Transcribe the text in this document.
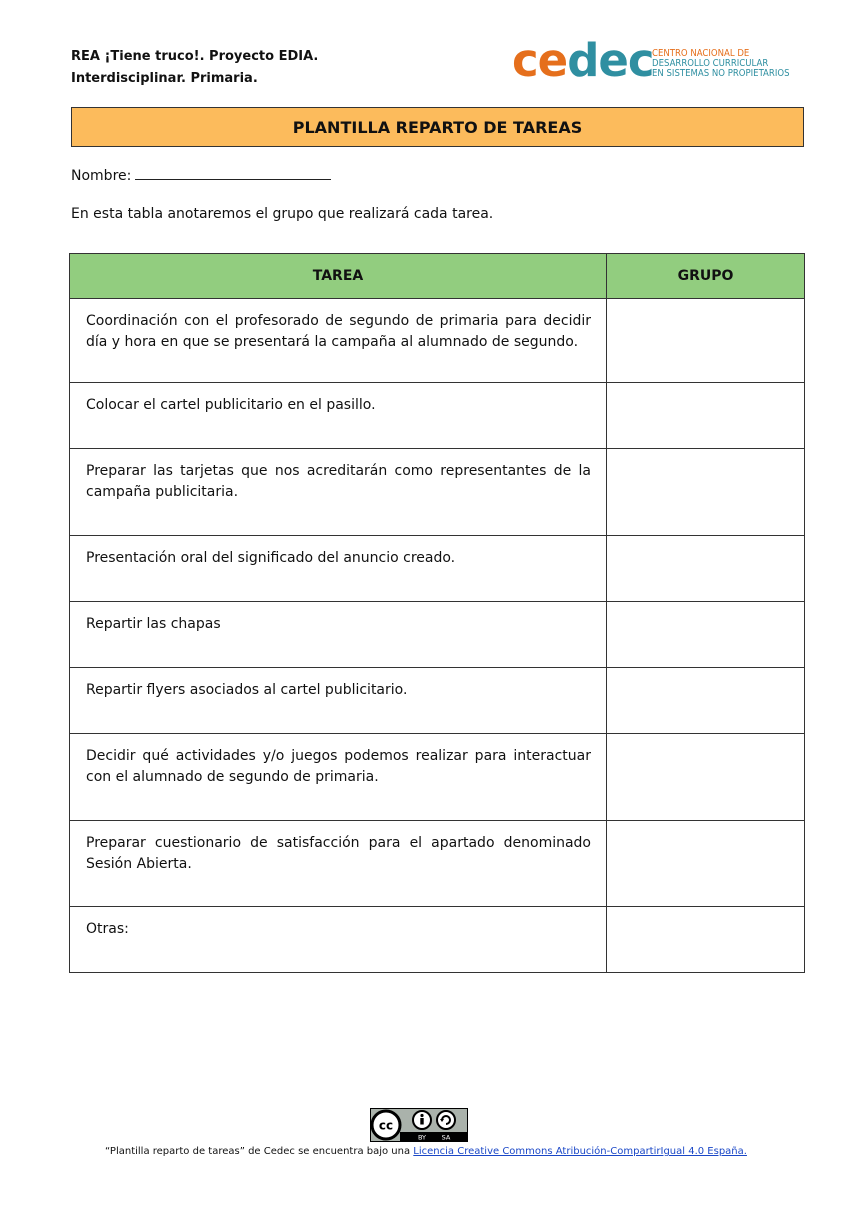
REA ¡Tiene truco!. Proyecto EDIA.
Interdisciplinar. Primaria.	cedec
CENTRO NACIONAL DE
DESARROLLO CURRICULAR
EN SISTEMAS NO PROPIETARIOS
PLANTILLA REPARTO DE TAREAS
Nombre:
En esta tabla anotaremos el grupo que realizará cada tarea.
TAREA	GRUPO
Coordinación con el profesorado de segundo de primaria para decidir día y hora en que se presentará la campaña al alumnado de segundo.	
Colocar el cartel publicitario en el pasillo.	
Preparar las tarjetas que nos acreditarán como representantes de la campaña publicitaria.	
Presentación oral del significado del anuncio creado.	
Repartir las chapas	
Repartir flyers asociados al cartel publicitario.	
Decidir qué actividades y/o juegos podemos realizar para interactuar con el alumnado de segundo de primaria.	
Preparar cuestionario de satisfacción para el apartado denominado Sesión Abierta.	
Otras:	
cc
BY SA
“Plantilla reparto de tareas” de Cedec se encuentra bajo una Licencia Creative Commons Atribución-CompartirIgual 4.0 España.
